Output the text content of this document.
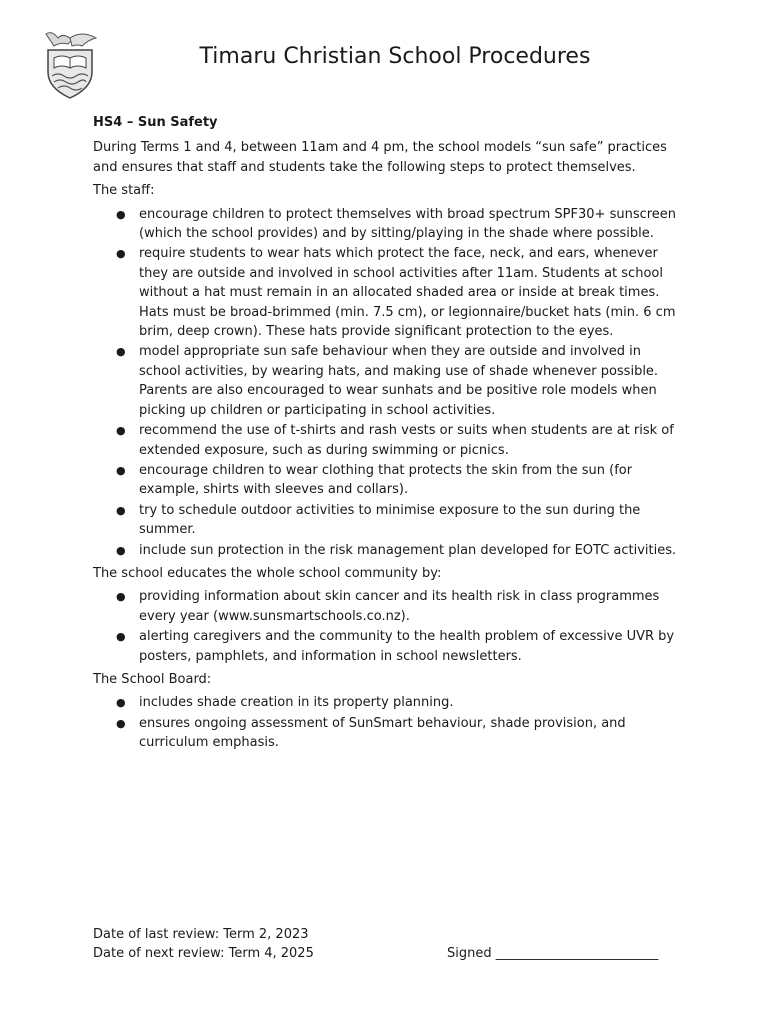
Timaru Christian School Procedures
HS4 – Sun Safety
During Terms 1 and 4, between 11am and 4 pm, the school models “sun safe” practices and ensures that staff and students take the following steps to protect themselves.
The staff:
● encourage children to protect themselves with broad spectrum SPF30+ sunscreen (which the school provides) and by sitting/playing in the shade where possible.
● require students to wear hats which protect the face, neck, and ears, whenever they are outside and involved in school activities after 11am. Students at school without a hat must remain in an allocated shaded area or inside at break times. Hats must be broad-brimmed (min. 7.5 cm), or legionnaire/bucket hats (min. 6 cm brim, deep crown). These hats provide significant protection to the eyes.
● model appropriate sun safe behaviour when they are outside and involved in school activities, by wearing hats, and making use of shade whenever possible. Parents are also encouraged to wear sunhats and be positive role models when picking up children or participating in school activities.
● recommend the use of t-shirts and rash vests or suits when students are at risk of extended exposure, such as during swimming or picnics.
● encourage children to wear clothing that protects the skin from the sun (for example, shirts with sleeves and collars).
● try to schedule outdoor activities to minimise exposure to the sun during the summer.
● include sun protection in the risk management plan developed for EOTC activities.
The school educates the whole school community by:
● providing information about skin cancer and its health risk in class programmes every year (www.sunsmartschools.co.nz).
● alerting caregivers and the community to the health problem of excessive UVR by posters, pamphlets, and information in school newsletters.
The School Board:
● includes shade creation in its property planning.
● ensures ongoing assessment of SunSmart behaviour, shade provision, and curriculum emphasis.
Date of last review: Term 2, 2023
Date of next review: Term 4, 2025	Signed _________________________
